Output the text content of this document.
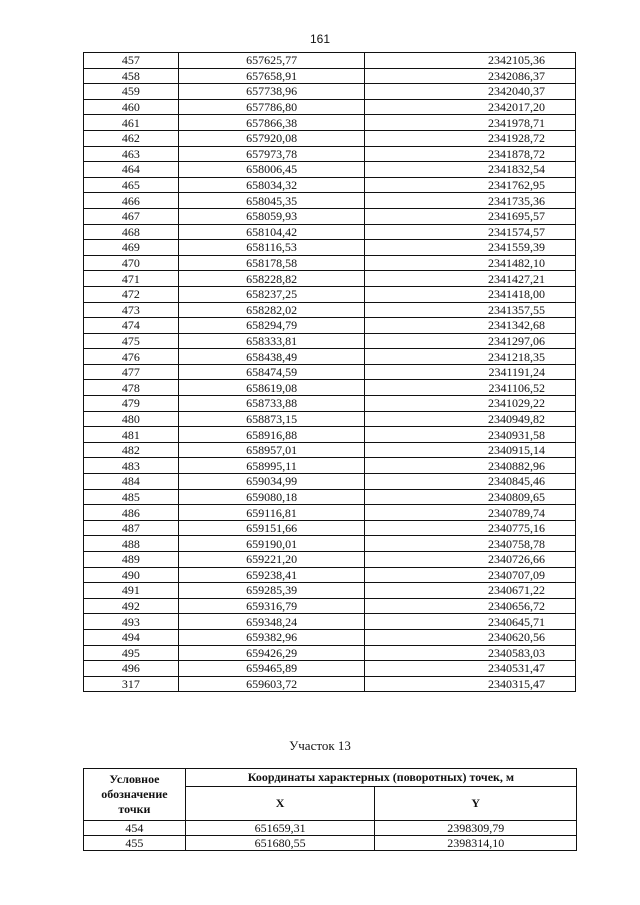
161
457	657625,77	2342105,36
458	657658,91	2342086,37
459	657738,96	2342040,37
460	657786,80	2342017,20
461	657866,38	2341978,71
462	657920,08	2341928,72
463	657973,78	2341878,72
464	658006,45	2341832,54
465	658034,32	2341762,95
466	658045,35	2341735,36
467	658059,93	2341695,57
468	658104,42	2341574,57
469	658116,53	2341559,39
470	658178,58	2341482,10
471	658228,82	2341427,21
472	658237,25	2341418,00
473	658282,02	2341357,55
474	658294,79	2341342,68
475	658333,81	2341297,06
476	658438,49	2341218,35
477	658474,59	2341191,24
478	658619,08	2341106,52
479	658733,88	2341029,22
480	658873,15	2340949,82
481	658916,88	2340931,58
482	658957,01	2340915,14
483	658995,11	2340882,96
484	659034,99	2340845,46
485	659080,18	2340809,65
486	659116,81	2340789,74
487	659151,66	2340775,16
488	659190,01	2340758,78
489	659221,20	2340726,66
490	659238,41	2340707,09
491	659285,39	2340671,22
492	659316,79	2340656,72
493	659348,24	2340645,71
494	659382,96	2340620,56
495	659426,29	2340583,03
496	659465,89	2340531,47
317	659603,72	2340315,47
Участок 13
Условное обозначение точки	Координаты характерных (поворотных) точек, м	
	X	Y
454	651659,31	2398309,79
455	651680,55	2398314,10
